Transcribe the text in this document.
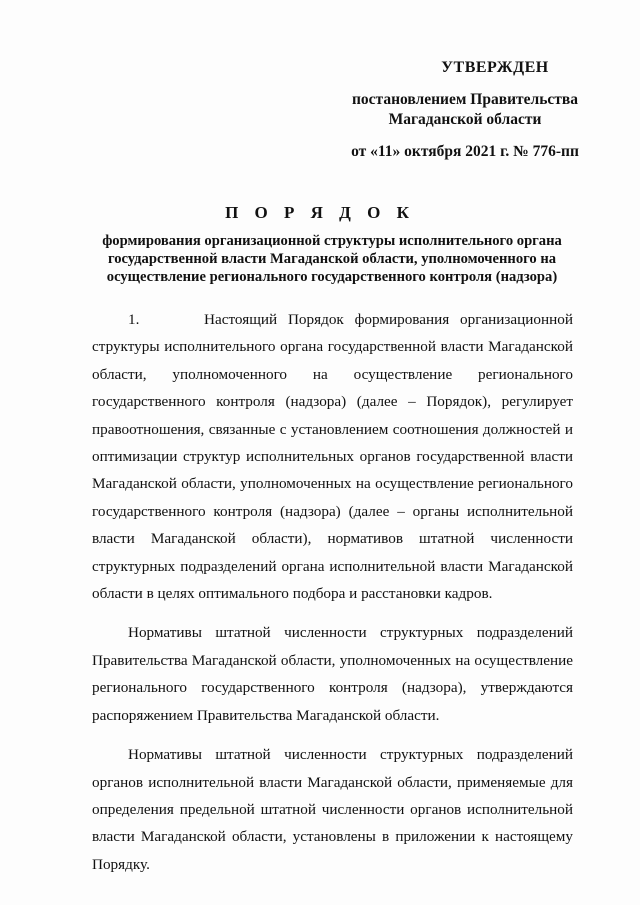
УТВЕРЖДЕН
постановлением Правительства
Магаданской области
от «11» октября 2021 г. № 776-пп
П О Р Я Д О К
формирования организационной структуры исполнительного органа государственной власти Магаданской области, уполномоченного на осуществление регионального государственного контроля (надзора)

1.      Настоящий Порядок формирования организационной структуры исполнительного органа государственной власти Магаданской области, уполномоченного на осуществление регионального государственного контроля (надзора) (далее – Порядок), регулирует правоотношения, связанные с установлением соотношения должностей и оптимизации структур исполнительных органов государственной власти Магаданской области, уполномоченных на осуществление регионального государственного контроля (надзора) (далее – органы исполнительной власти Магаданской области), нормативов штатной численности структурных подразделений органа исполнительной власти Магаданской области в целях оптимального подбора и расстановки кадров.

Нормативы штатной численности структурных подразделений Правительства Магаданской области, уполномоченных на осуществление регионального государственного контроля (надзора), утверждаются распоряжением Правительства Магаданской области.

Нормативы штатной численности структурных подразделений органов исполнительной власти Магаданской области, применяемые для определения предельной штатной численности органов исполнительной власти Магаданской области, установлены в приложении к настоящему Порядку.
